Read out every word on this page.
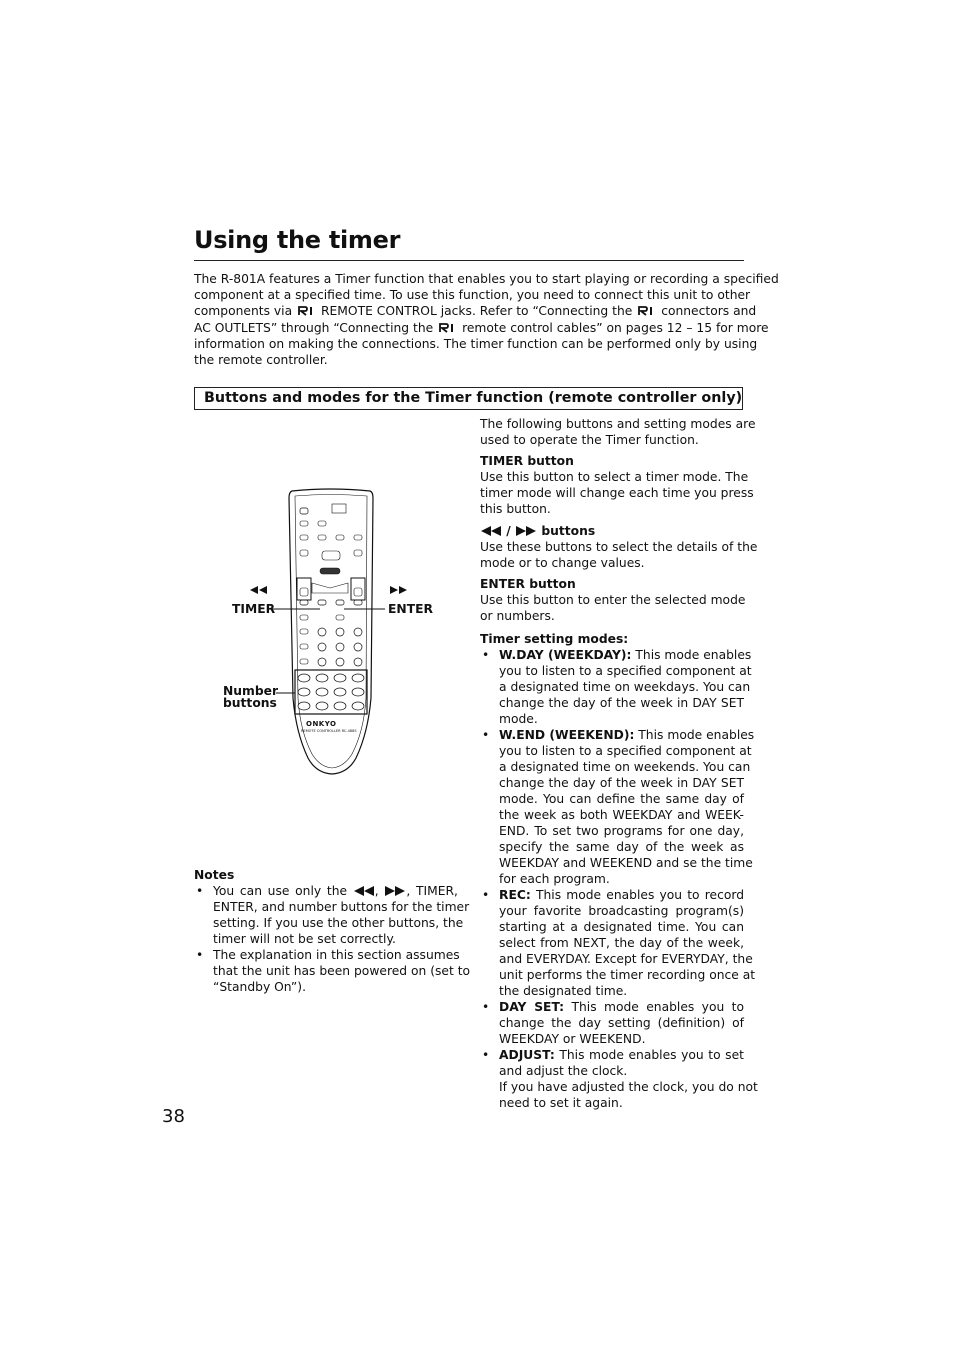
Using the timer
The R-801A features a Timer function that enables you to start playing or recording a specified
component at a specified time. To use this function, you need to connect this unit to other
components via REMOTE CONTROL jacks. Refer to “Connecting the connectors and
AC OUTLETS” through “Connecting the remote control cables” on pages 12 – 15 for more
information on making the connections. The timer function can be performed only by using
the remote controller.
Buttons and modes for the Timer function (remote controller only)
The following buttons and setting modes are
used to operate the Timer function.
TIMER button
Use this button to select a timer mode. The
timer mode will change each time you press
this button.
/  buttons
Use these buttons to select the details of the
mode or to change values.
ENTER button
Use this button to enter the selected mode
or numbers.
Timer setting modes:
• W.DAY (WEEKDAY): This mode enables
you to listen to a specified component at
a designated time on weekdays. You can
change the day of the week in DAY SET
mode.
• W.END (WEEKEND): This mode enables
you to listen to a specified component at
a designated time on weekends. You can
change the day of the week in DAY SET
mode. You can define the same day of
the week as both WEEKDAY and WEEK-
END. To set two programs for one day,
specify the same day of the week as
WEEKDAY and WEEKEND and se the time
for each program.
• REC: This mode enables you to record
your favorite broadcasting program(s)
starting at a designated time. You can
select from NEXT, the day of the week,
and EVERYDAY. Except for EVERYDAY, the
unit performs the timer recording once at
the designated time.
• DAY SET: This mode enables you to
change the day setting (definition) of
WEEKDAY or WEEKEND.
• ADJUST: This mode enables you to set
and adjust the clock.
If you have adjusted the clock, you do not
need to set it again.
ONKYO
REMOTE CONTROLLER RC-488S
TIMER	ENTER
Number
buttons
Notes
• You can use only the , , TIMER,
ENTER, and number buttons for the timer
setting. If you use the other buttons, the
timer will not be set correctly.
• The explanation in this section assumes
that the unit has been powered on (set to
“Standby On”).
38
